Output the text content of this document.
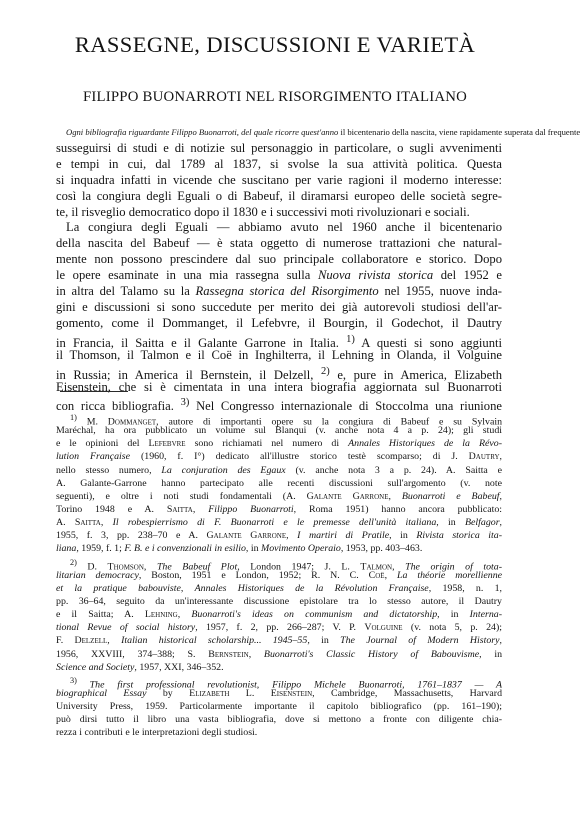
RASSEGNE, DISCUSSIONI E VARIETÀ
FILIPPO BUONARROTI NEL RISORGIMENTO ITALIANO
Ogni bibliografia riguardante Filippo Buonarroti, del quale ricorre quest'anno il bicentenario della nascita, viene rapidamente superata dal frequente
susseguirsi di studi e di notizie sul personaggio in particolare, o sugli avvenimenti
e tempi in cui, dal 1789 al 1837, si svolse la sua attività politica. Questa
si inquadra infatti in vicende che suscitano per varie ragioni il moderno interesse:
così la congiura degli Eguali o di Babeuf, il diramarsi europeo delle società segre-
te, il risveglio democratico dopo il 1830 e i successivi moti rivoluzionari e sociali.
La congiura degli Eguali — abbiamo avuto nel 1960 anche il bicentenario
della nascita del Babeuf — è stata oggetto di numerose trattazioni che natural-
mente non possono prescindere dal suo principale collaboratore e storico. Dopo
le opere esaminate in una mia rassegna sulla Nuova rivista storica del 1952 e
in altra del Talamo su la Rassegna storica del Risorgimento nel 1955, nuove inda-
gini e discussioni si sono succedute per merito dei già autorevoli studiosi dell'ar-
gomento, come il Dommanget, il Lefebvre, il Bourgin, il Godechot, il Dautry
in Francia, il Saitta e il Galante Garrone in Italia. $^{1)}$ A questi si sono aggiunti
il Thomson, il Talmon e il Coë in Inghilterra, il Lehning in Olanda, il Volguine
in Russia; in America il Bernstein, il Delzell, $^{2)}$ e, pure in America, Elizabeth
Eisenstein, che si è cimentata in una intera biografia aggiornata sul Buonarroti
con ricca bibliografia. $^{3)}$ Nel Congresso internazionale di Stoccolma una riunione
$^{1)}$ M. Dommanget, autore di importanti opere su la congiura di Babeuf e su Sylvain
Maréchal, ha ora pubblicato un volume sul Blanqui (v. anche nota 4 a p. 24); gli studi
e le opinioni del Lefebvre sono richiamati nel numero di Annales Historiques de la Révo-
lution Française (1960, f. I°) dedicato all'illustre storico testè scomparso; di J. Dautry,
nello stesso numero, La conjuration des Egaux (v. anche nota 3 a p. 24). A. Saitta e
A. Galante-Garrone hanno partecipato alle recenti discussioni sull'argomento (v. note
seguenti), e oltre i noti studi fondamentali (A. Galante Garrone, Buonarroti e Babeuf,
Torino 1948 e A. Saitta, Filippo Buonarroti, Roma 1951) hanno ancora pubblicato:
A. Saitta, Il robespierrismo di F. Buonarroti e le premesse dell'unità italiana, in Belfagor,
1955, f. 3, pp. 238–70 e A. Galante Garrone, I martiri di Pratile, in Rivista storica ita-
liana, 1959, f. 1; F. B. e i convenzionali in esilio, in Movimento Operaio, 1953, pp. 403–463.
$^{2)}$ D. Thomson, The Babeuf Plot, London 1947; J. L. Talmon, The origin of tota-
litarian democracy, Boston, 1951 e London, 1952; R. N. C. Coë, La théorie morellienne
et la pratique babouviste, Annales Historiques de la Révolution Française, 1958, n. 1,
pp. 36–64, seguito da un'interessante discussione epistolare tra lo stesso autore, il Dautry
e il Saitta; A. Lehning, Buonarroti's ideas on communism and dictatorship, in Interna-
tional Revue of social history, 1957, f. 2, pp. 266–287; V. P. Volguine (v. nota 5, p. 24);
F. Delzell, Italian historical scholarship... 1945–55, in The Journal of Modern History,
1956, XXVIII, 374–388; S. Bernstein, Buonarroti's Classic History of Babouvisme, in
Science and Society, 1957, XXI, 346–352.
$^{3)}$ The first professional revolutionist, Filippo Michele Buonarroti, 1761–1837 — A
biographical Essay by Elizabeth L. Eisenstein, Cambridge, Massachusetts, Harvard
University Press, 1959. Particolarmente importante il capitolo bibliografico (pp. 161–190);
può dirsi tutto il libro una vasta bibliografia, dove si mettono a fronte con diligente chia-
rezza i contributi e le interpretazioni degli studiosi.
